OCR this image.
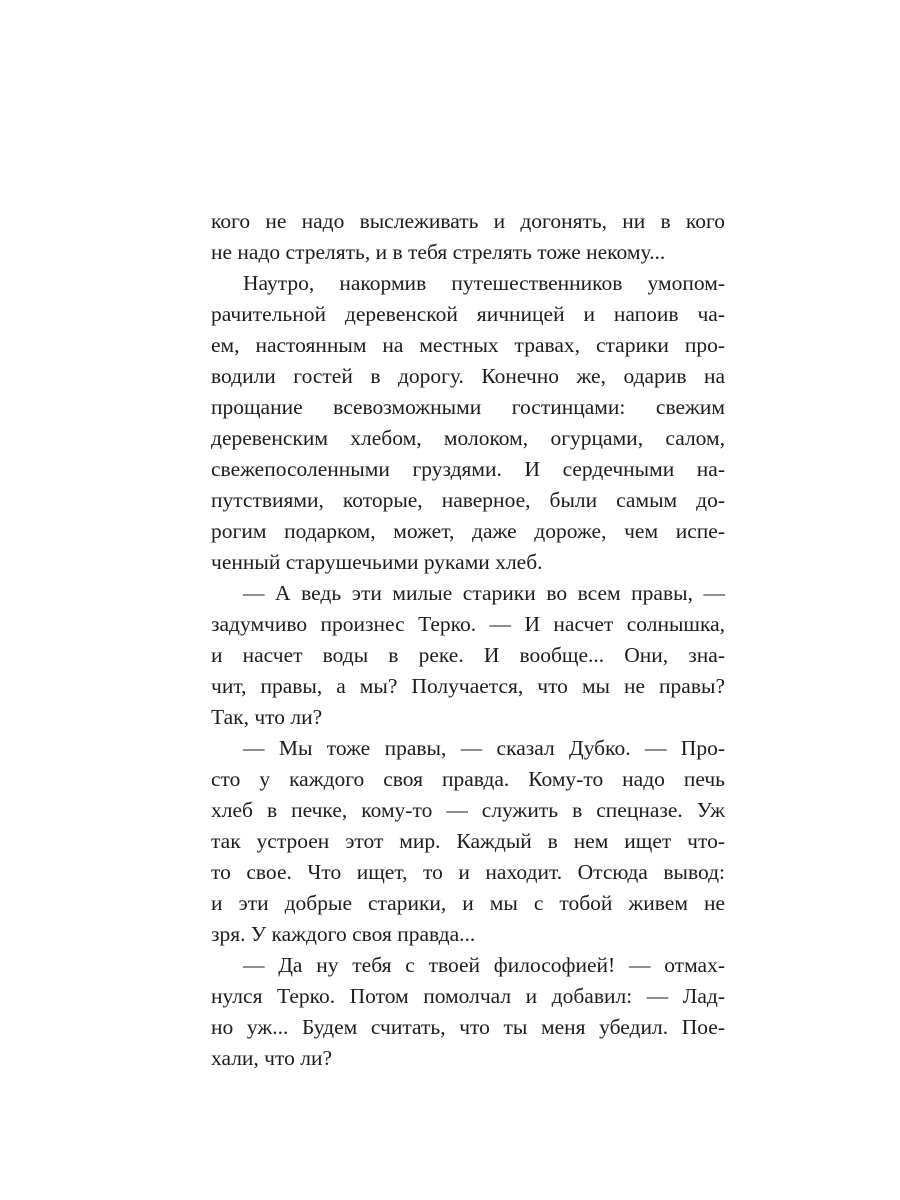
кого не надо выслеживать и догонять, ни в кого
не надо стрелять, и в тебя стрелять тоже некому...
Наутро, накормив путешественников умопом-
рачительной деревенской яичницей и напоив ча-
ем, настоянным на местных травах, старики про-
водили гостей в дорогу. Конечно же, одарив на
прощание всевозможными гостинцами: свежим
деревенским хлебом, молоком, огурцами, салом,
свежепосоленными груздями. И сердечными на-
путствиями, которые, наверное, были самым до-
рогим подарком, может, даже дороже, чем испе-
ченный старушечьими руками хлеб.
— А ведь эти милые старики во всем правы, —
задумчиво произнес Терко. — И насчет солнышка,
и насчет воды в реке. И вообще... Они, зна-
чит, правы, а мы? Получается, что мы не правы?
Так, что ли?
— Мы тоже правы, — сказал Дубко. — Про-
сто у каждого своя правда. Кому-то надо печь
хлеб в печке, кому-то — служить в спецназе. Уж
так устроен этот мир. Каждый в нем ищет что-
то свое. Что ищет, то и находит. Отсюда вывод:
и эти добрые старики, и мы с тобой живем не
зря. У каждого своя правда...
— Да ну тебя с твоей философией! — отмах-
нулся Терко. Потом помолчал и добавил: — Лад-
но уж... Будем считать, что ты меня убедил. Пое-
хали, что ли?
